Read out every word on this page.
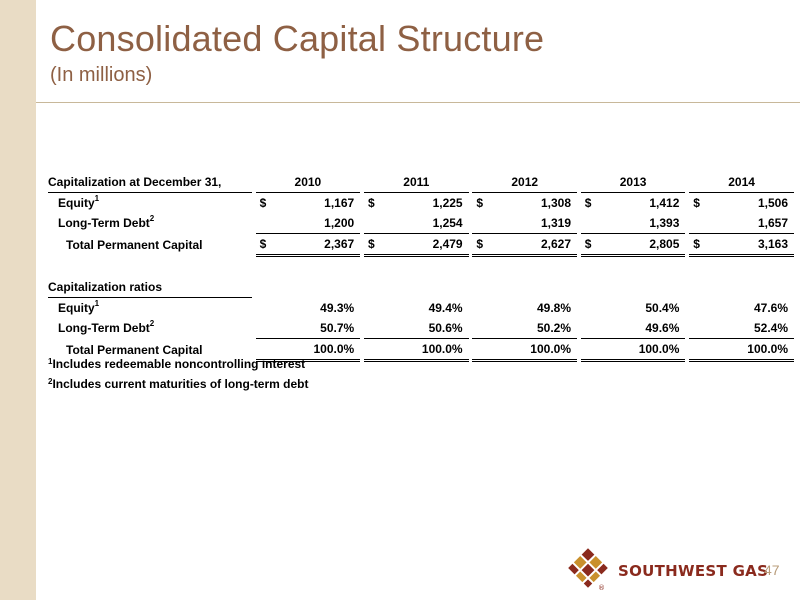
Consolidated Capital Structure
(In millions)
Capitalization at December 31,		2010			2011			2012			2013			2014	
Equity$^1$		$	1,167		$	1,225		$	1,308		$	1,412		$	1,506
Long-Term Debt$^2$			1,200			1,254			1,319			1,393			1,657
Total Permanent Capital		$	2,367		$	2,479		$	2,627		$	2,805		$	3,163

Capitalization ratios															
Equity$^1$			49.3%			49.4%			49.8%			50.4%			47.6%
Long-Term Debt$^2$			50.7%			50.6%			50.2%			49.6%			52.4%
Total Permanent Capital			100.0%			100.0%			100.0%			100.0%			100.0%
$^1$Includes redeemable noncontrolling interest
$^2$Includes current maturities of long-term debt
®
SOUTHWEST GAS
47
